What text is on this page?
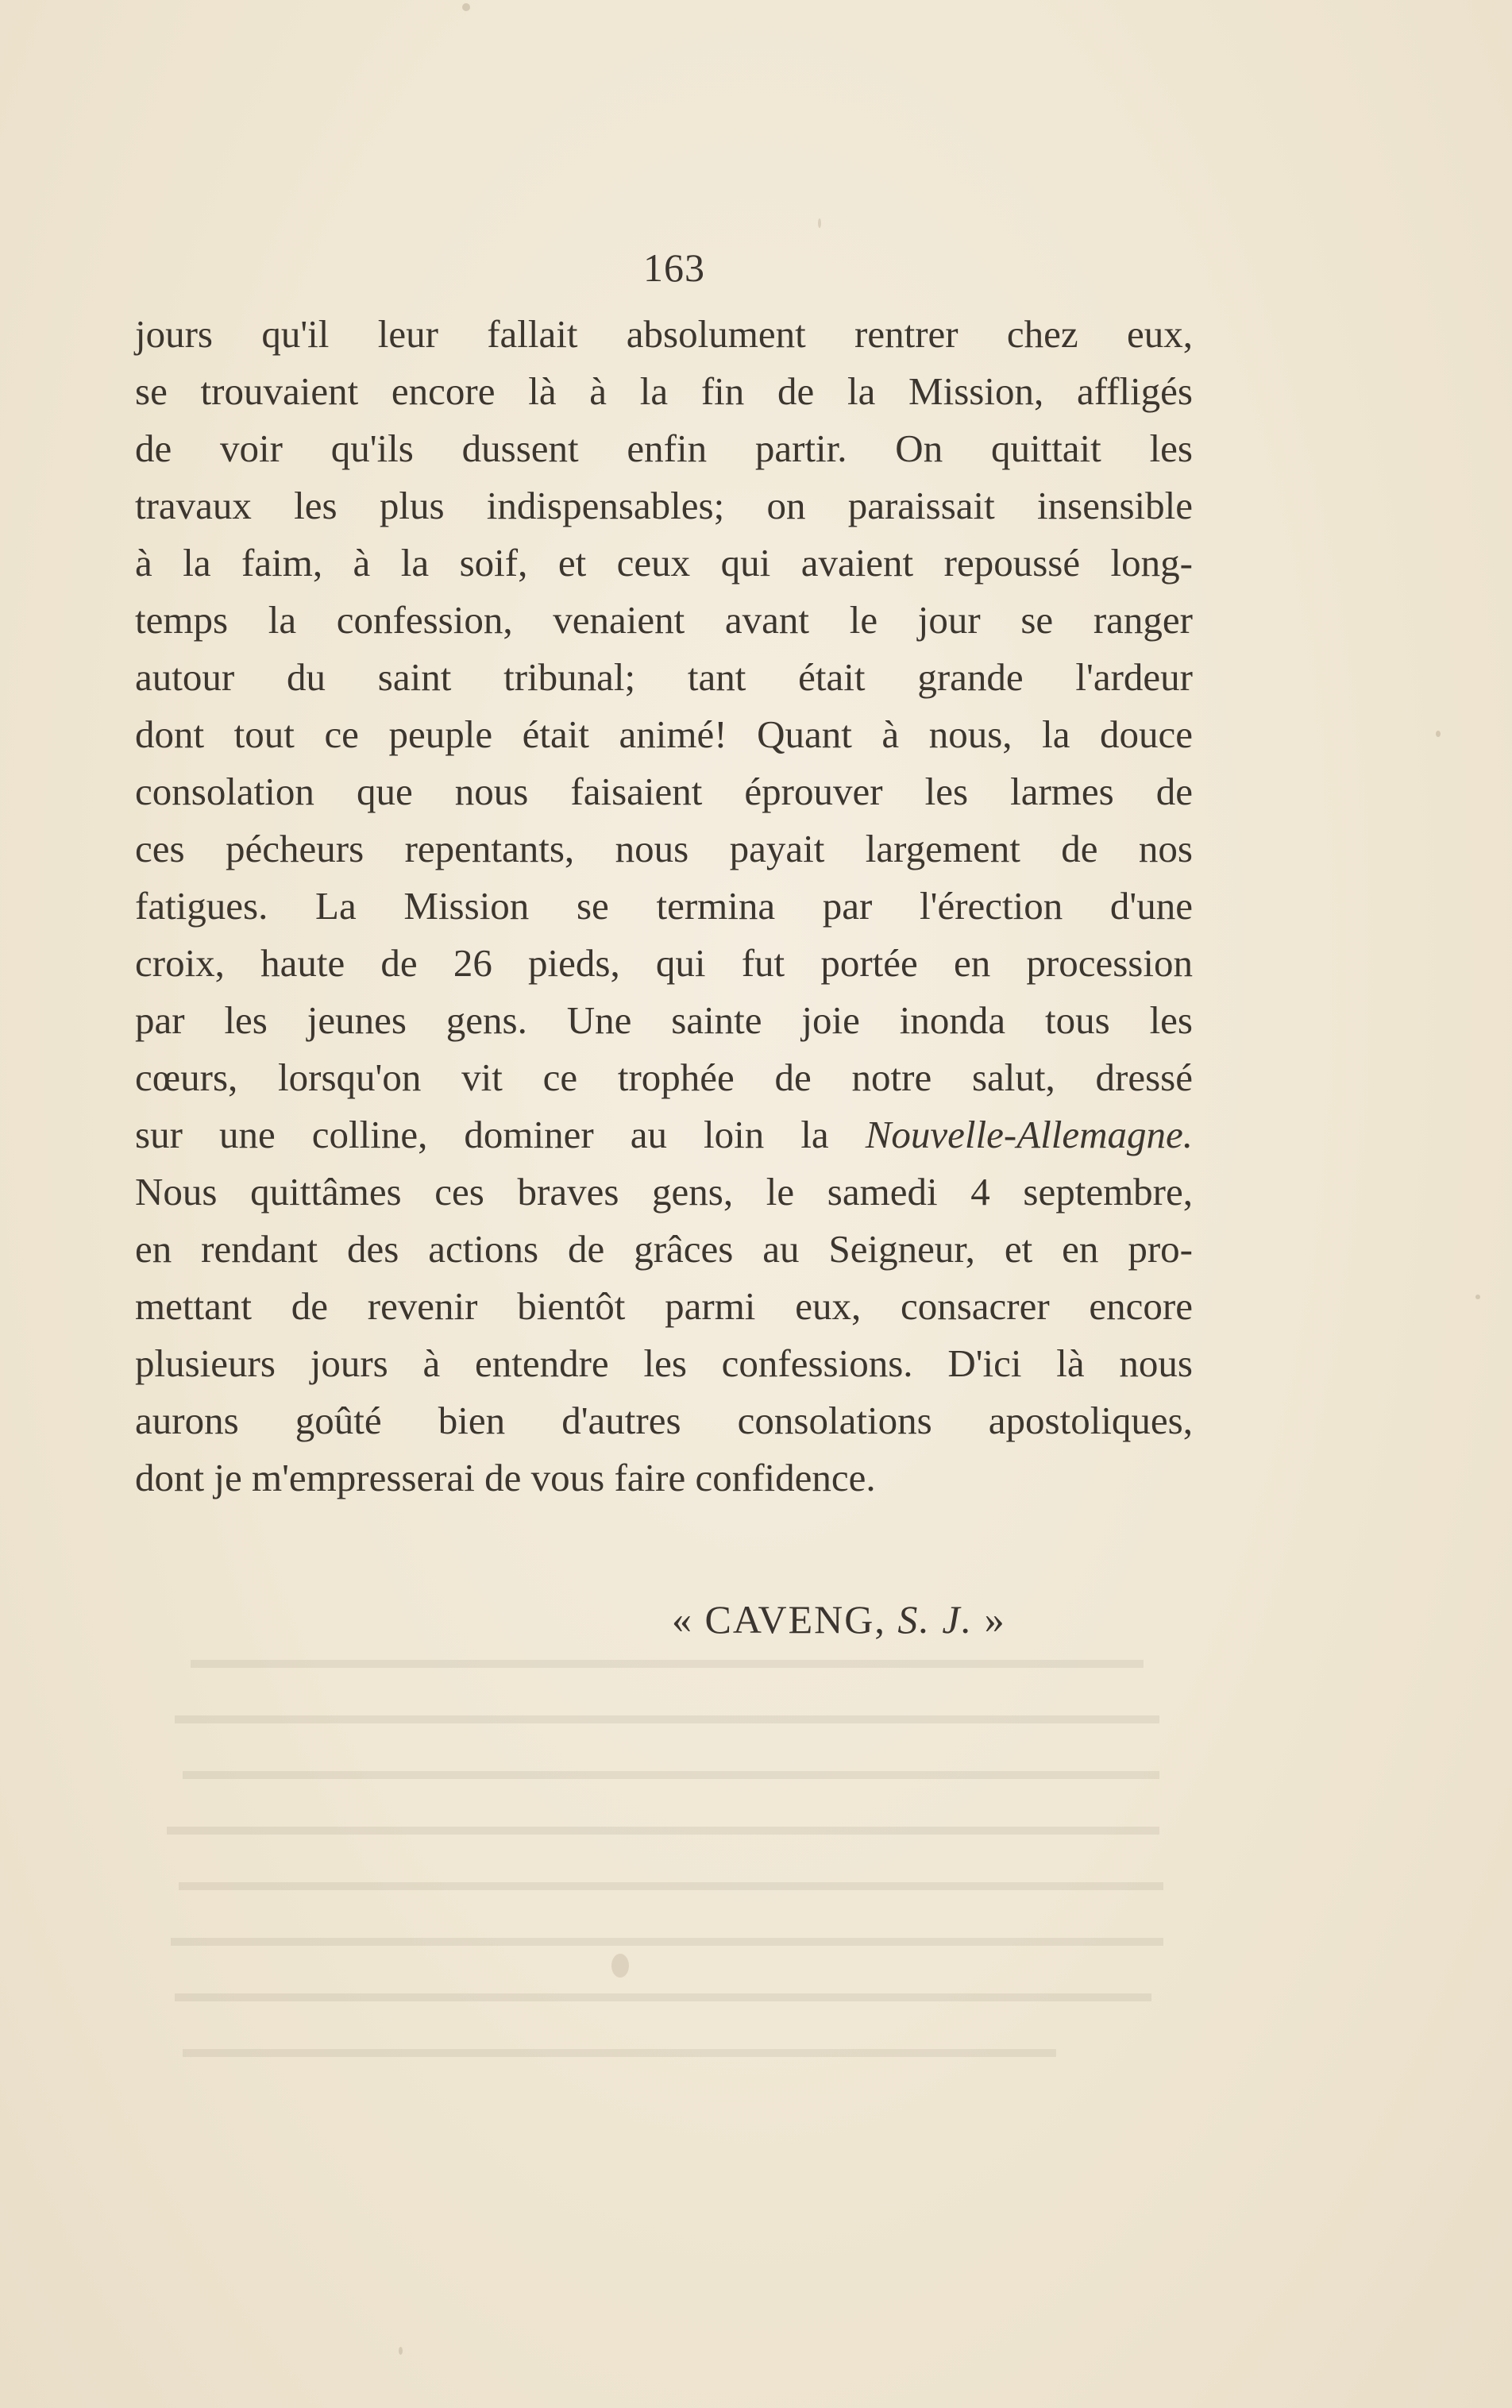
163
jours qu'il leur fallait absolument rentrer chez eux,
se trouvaient encore là à la fin de la Mission, affligés
de voir qu'ils dussent enfin partir. On quittait les
travaux les plus indispensables; on paraissait insensible
à la faim, à la soif, et ceux qui avaient repoussé long-
temps la confession, venaient avant le jour se ranger
autour du saint tribunal; tant était grande l'ardeur
dont tout ce peuple était animé! Quant à nous, la douce
consolation que nous faisaient éprouver les larmes de
ces pécheurs repentants, nous payait largement de nos
fatigues. La Mission se termina par l'érection d'une
croix, haute de 26 pieds, qui fut portée en procession
par les jeunes gens. Une sainte joie inonda tous les
cœurs, lorsqu'on vit ce trophée de notre salut, dressé
sur une colline, dominer au loin la Nouvelle-Allemagne.
Nous quittâmes ces braves gens, le samedi 4 septembre,
en rendant des actions de grâces au Seigneur, et en pro-
mettant de revenir bientôt parmi eux, consacrer encore
plusieurs jours à entendre les confessions. D'ici là nous
aurons goûté bien d'autres consolations apostoliques,
dont je m'empresserai de vous faire confidence.
« CAVENG, S. J. »
